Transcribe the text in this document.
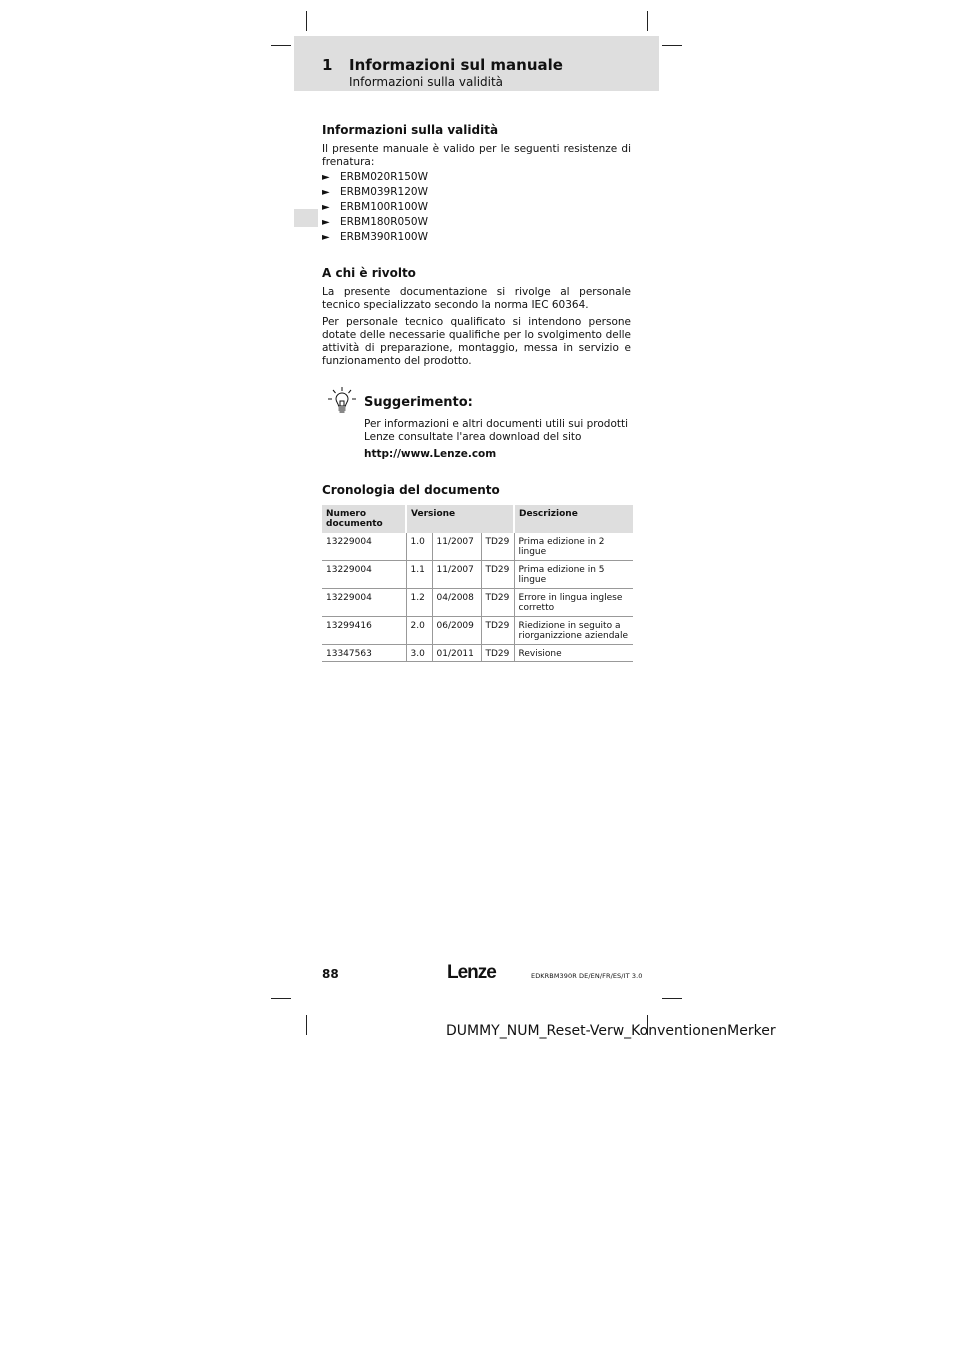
1 Informazioni sul manuale
Informazioni sulla validità
Informazioni sulla validità
Il presente manuale è valido per le seguenti resistenze di frenatura:
► ERBM020R150W
► ERBM039R120W
► ERBM100R100W
► ERBM180R050W
► ERBM390R100W
A chi è rivolto
La presente documentazione si rivolge al personale tecnico specializzato secondo la norma IEC 60364.
Per personale tecnico qualificato si intendono persone dotate delle necessarie qualifiche per lo svolgimento delle attività di preparazione, montaggio, messa in servizio e funzionamento del prodotto.
Suggerimento:
Per informazioni e altri documenti utili sui prodotti Lenze consultate l'area download del sito
http://www.Lenze.com
Cronologia del documento
Numero documento	Versione			Descrizione
13229004	1.0	11/2007	TD29	Prima edizione in 2 lingue
13229004	1.1	11/2007	TD29	Prima edizione in 5 lingue
13229004	1.2	04/2008	TD29	Errore in lingua inglese corretto
13299416	2.0	06/2009	TD29	Riedizione in seguito a riorganizzione aziendale
13347563	3.0	01/2011	TD29	Revisione
88	Lenze	EDKRBM390R DE/EN/FR/ES/IT 3.0
DUMMY_NUM_Reset-Verw_KonventionenMerker
